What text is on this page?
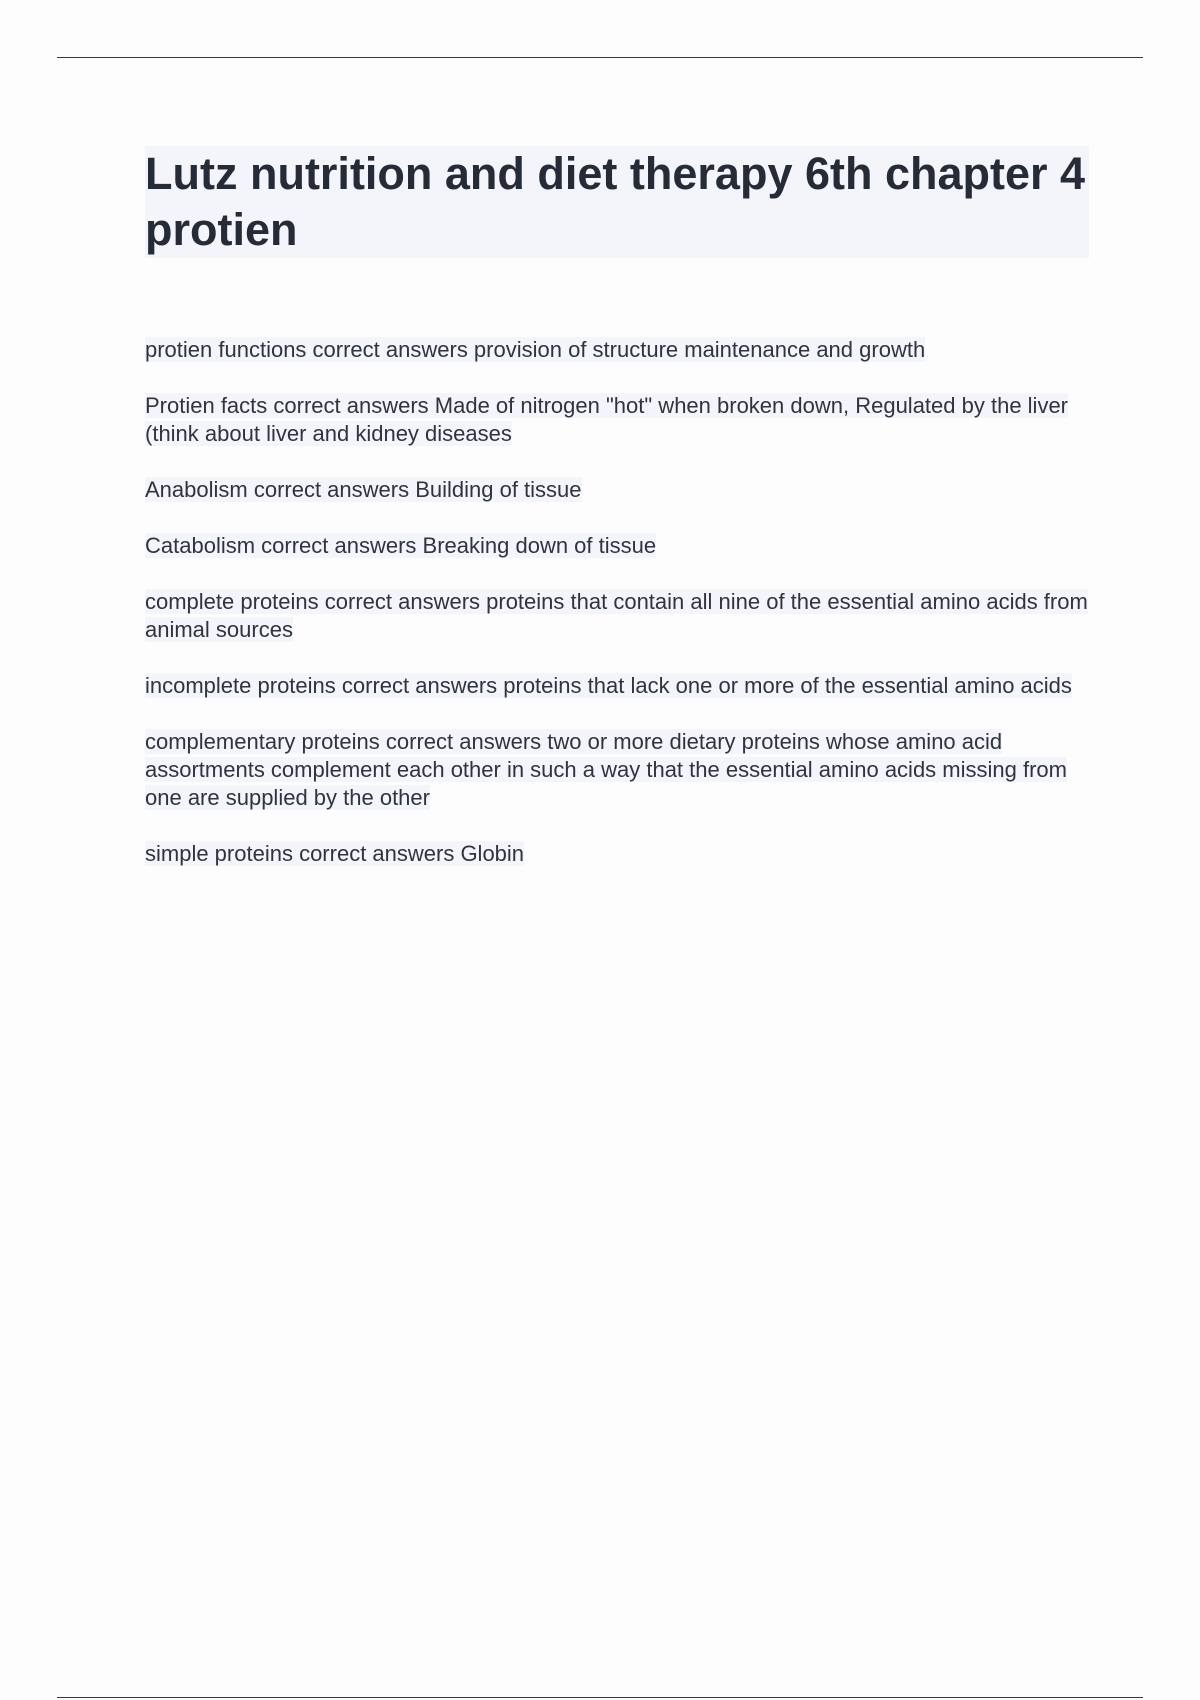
Lutz nutrition and diet therapy 6th chapter 4 protien

protien functions correct answers provision of structure maintenance and growth

Protien facts correct answers Made of nitrogen "hot" when broken down, Regulated by the liver (think about liver and kidney diseases

Anabolism correct answers Building of tissue

Catabolism correct answers Breaking down of tissue

complete proteins correct answers proteins that contain all nine of the essential amino acids from animal sources

incomplete proteins correct answers proteins that lack one or more of the essential amino acids

complementary proteins correct answers two or more dietary proteins whose amino acid assortments complement each other in such a way that the essential amino acids missing from one are supplied by the other

simple proteins correct answers Globin
